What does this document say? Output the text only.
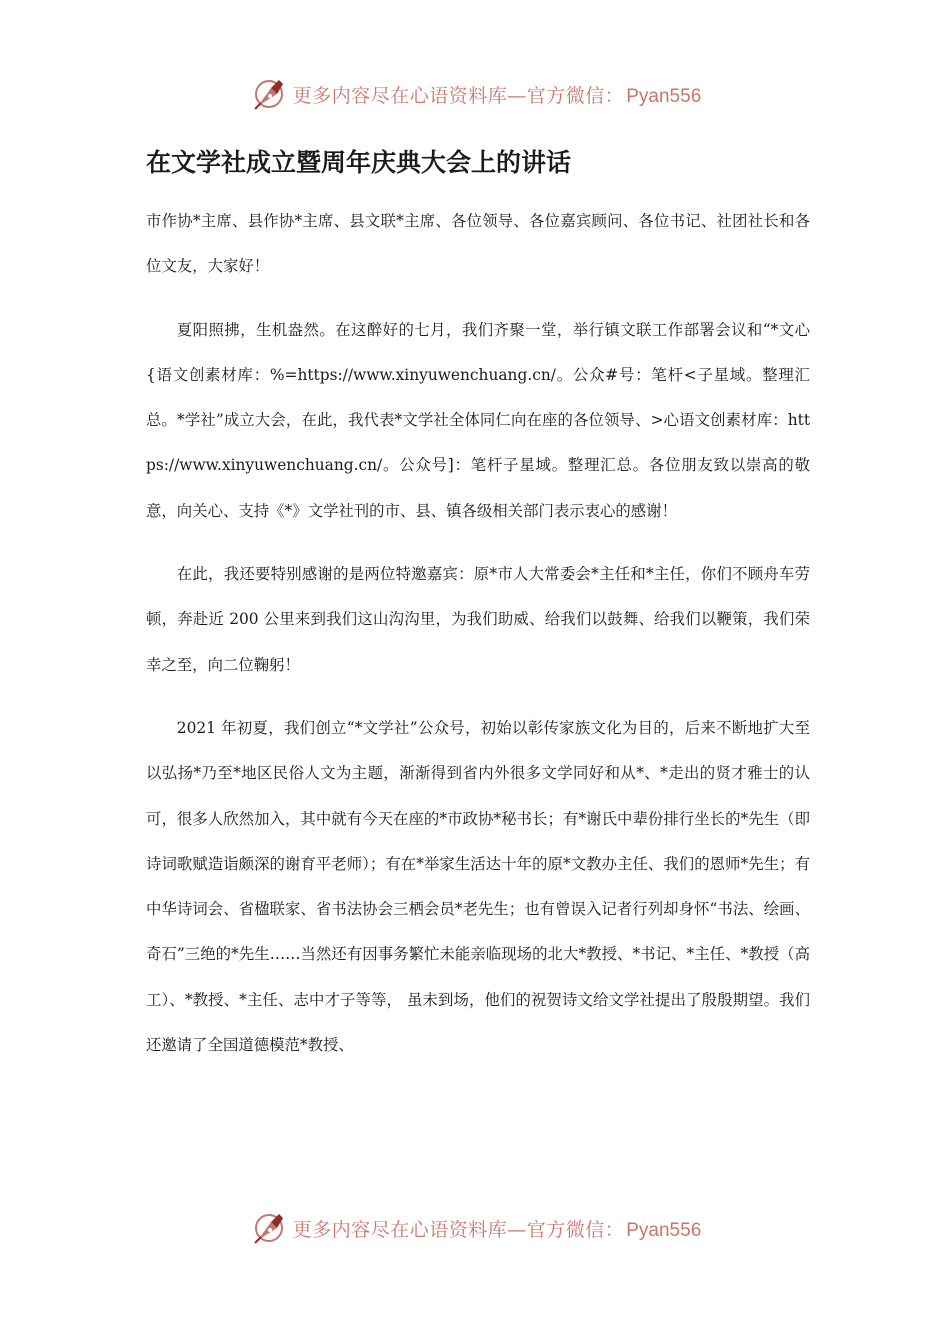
更多内容尽在心语资料库—官方微信： Pyan556
在文学社成立暨周年庆典大会上的讲话

市作协*主席、县作协*主席、县文联*主席、各位领导、各位嘉宾顾问、各位书记、社团社长和各位文友，大家好！

夏阳照拂，生机盎然。在这醉好的七月，我们齐聚一堂，举行镇文联工作部署会议和“*文心{语文创素材库：%=https://www.xinyuwenchuang.cn/。公众#号：笔杆<子星域。整理汇总。*学社”成立大会，在此，我代表*文学社全体同仁向在座的各位领导、>心语文创素材库：https://www.xinyuwenchuang.cn/。公众号]：笔杆子星域。整理汇总。各位朋友致以崇高的敬意，向关心、支持《*》文学社刊的市、县、镇各级相关部门表示衷心的感谢！

在此，我还要特别感谢的是两位特邀嘉宾：原*市人大常委会*主任和*主任，你们不顾舟车劳顿，奔赴近 200 公里来到我们这山沟沟里，为我们助威、给我们以鼓舞、给我们以鞭策，我们荣幸之至，向二位鞠躬！

2021 年初夏，我们创立“*文学社”公众号，初始以彰传家族文化为目的，后来不断地扩大至以弘扬*乃至*地区民俗人文为主题，渐渐得到省内外很多文学同好和从*、*走出的贤才雅士的认可，很多人欣然加入，其中就有今天在座的*市政协*秘书长；有*谢氏中辈份排行坐长的*先生（即诗词歌赋造诣颇深的谢育平老师）；有在*举家生活达十年的原*文教办主任、我们的恩师*先生；有中华诗词会、省楹联家、省书法协会三栖会员*老先生；也有曾误入记者行列却身怀“书法、绘画、奇石”三绝的*先生……当然还有因事务繁忙未能亲临现场的北大*教授、*书记、*主任、*教授（高工）、*教授、*主任、志中才子等等， 虽未到场，他们的祝贺诗文给文学社提出了殷殷期望。我们还邀请了全国道德模范*教授、

更多内容尽在心语资料库—官方微信： Pyan556
